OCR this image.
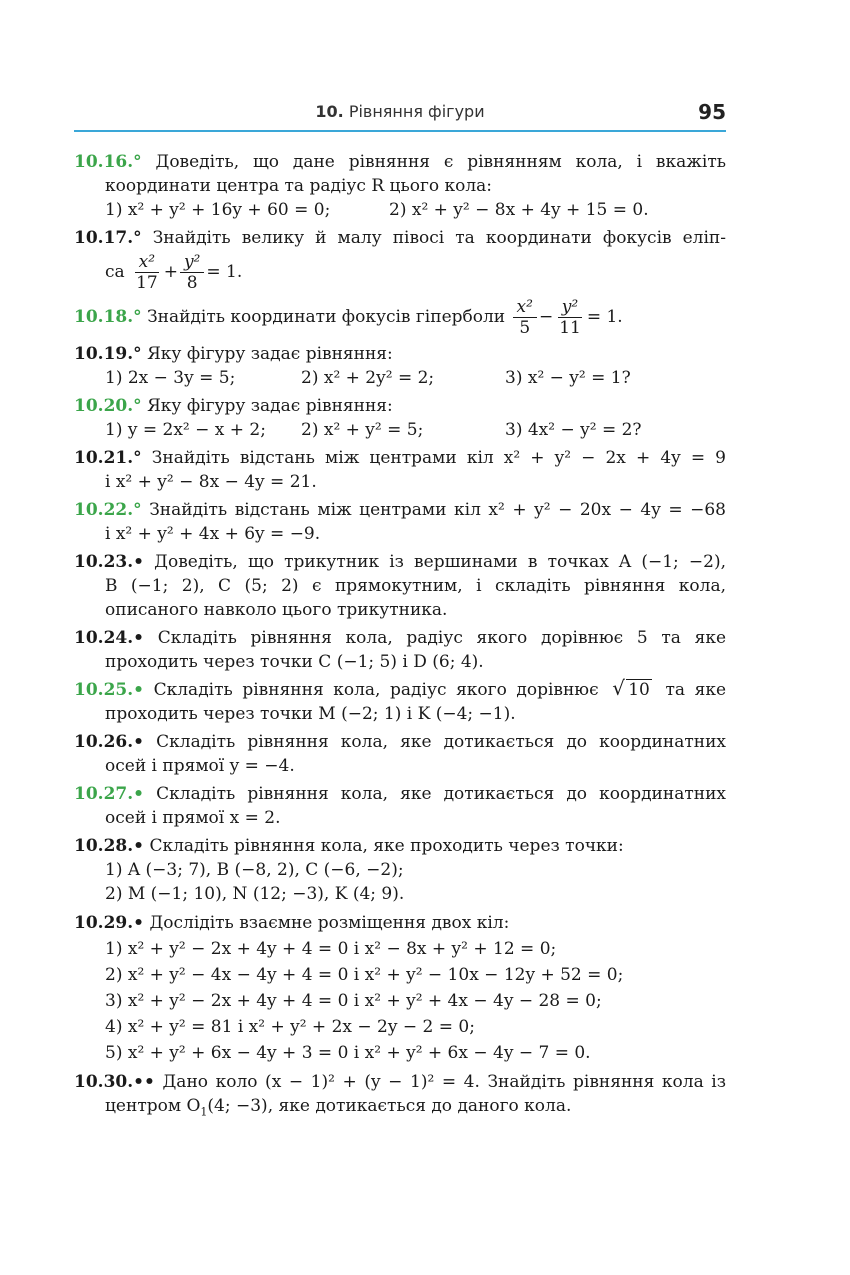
10. Рівняння фігури	95
10.16.° Доведіть, що дане рівняння є рівнянням кола, і вкажіть
координати центра та радіус R цього кола:
1) x² + y² + 16y + 60 = 0;	2) x² + y² − 8x + 4y + 15 = 0.
10.17.° Знайдіть велику й малу півосі та координати фокусів еліп-
са $\frac{\text{x²}}{17} + \frac{\text{y²}}{8} = 1$.
10.18.° Знайдіть координати фокусів гіперболи $\frac{\text{x²}}{5} - \frac{\text{y²}}{11} = 1$.
10.19.° Яку фігуру задає рівняння:
1) 2x − 3y = 5;	2) x² + 2y² = 2;	3) x² − y² = 1?
10.20.° Яку фігуру задає рівняння:
1) y = 2x² − x + 2;	2) x² + y² = 5;	3) 4x² − y² = 2?
10.21.° Знайдіть відстань між центрами кіл x² + y² − 2x + 4y = 9
і x² + y² − 8x − 4y = 21.
10.22.° Знайдіть відстань між центрами кіл x² + y² − 20x − 4y = −68
і x² + y² + 4x + 6y = −9.
10.23.• Доведіть, що трикутник із вершинами в точках A (−1; −2),
B (−1; 2), C (5; 2) є прямокутним, і складіть рівняння кола,
описаного навколо цього трикутника.
10.24.• Складіть рівняння кола, радіус якого дорівнює 5 та яке
проходить через точки C (−1; 5) і D (6; 4).
10.25.• Складіть рівняння кола, радіус якого дорівнює √ 10 та яке
проходить через точки M (−2; 1) і K (−4; −1).
10.26.• Складіть рівняння кола, яке дотикається до координатних
осей і прямої y = −4.
10.27.• Складіть рівняння кола, яке дотикається до координатних
осей і прямої x = 2.
10.28.• Складіть рівняння кола, яке проходить через точки:
1) A (−3; 7), B (−8, 2), C (−6, −2);
2) M (−1; 10), N (12; −3), K (4; 9).
10.29.• Дослідіть взаємне розміщення двох кіл:
1) x² + y² − 2x + 4y + 4 = 0 і x² − 8x + y² + 12 = 0;
2) x² + y² − 4x − 4y + 4 = 0 і x² + y² − 10x − 12y + 52 = 0;
3) x² + y² − 2x + 4y + 4 = 0 і x² + y² + 4x − 4y − 28 = 0;
4) x² + y² = 81 і x² + y² + 2x − 2y − 2 = 0;
5) x² + y² + 6x − 4y + 3 = 0 і x² + y² + 6x − 4y − 7 = 0.
10.30.•• Дано коло (x − 1)² + (y − 1)² = 4. Знайдіть рівняння кола із
центром $O_1(4$; −3), яке дотикається до даного кола.
